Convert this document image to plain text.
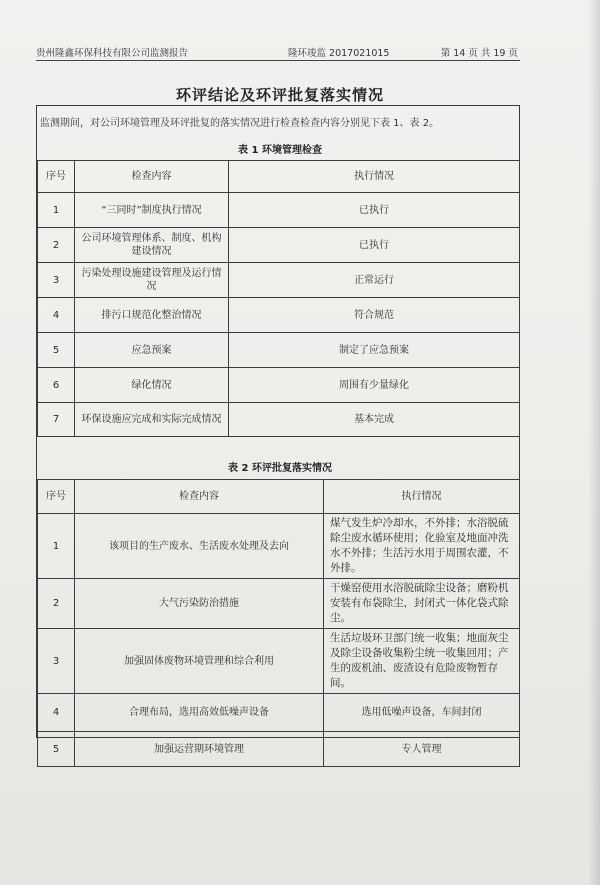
贵州隆鑫环保科技有限公司监测报告	隆环竣监 2017021015	第 14 页 共 19 页
环评结论及环评批复落实情况
监测期间，对公司环境管理及环评批复的落实情况进行检查检查内容分别见下表 1、表 2。
表 1 环境管理检查
序号	检查内容	执行情况
1	“三同时”制度执行情况	已执行
2	公司环境管理体系、制度、机构建设情况	已执行
3	污染处理设施建设管理及运行情况	正常运行
4	排污口规范化整治情况	符合规范
5	应急预案	制定了应急预案
6	绿化情况	周围有少量绿化
7	环保设施应完成和实际完成情况	基本完成
表 2 环评批复落实情况
序号	检查内容	执行情况
1	该项目的生产废水、生活废水处理及去向	煤气发生炉冷却水，不外排；水浴脱硫除尘废水循环使用；化验室及地面冲洗水不外排；生活污水用于周围农灌，不外排。
2	大气污染防治措施	干燥窑使用水浴脱硫除尘设备；磨粉机安装有布袋除尘，封闭式一体化袋式除尘。
3	加强固体废物环境管理和综合利用	生活垃圾环卫部门统一收集；地面灰尘及除尘设备收集粉尘统一收集回用；产生的废机油、废渣设有危险废物暂存间。
4	合理布局，选用高效低噪声设备	选用低噪声设备，车间封闭
5	加强运营期环境管理	专人管理
